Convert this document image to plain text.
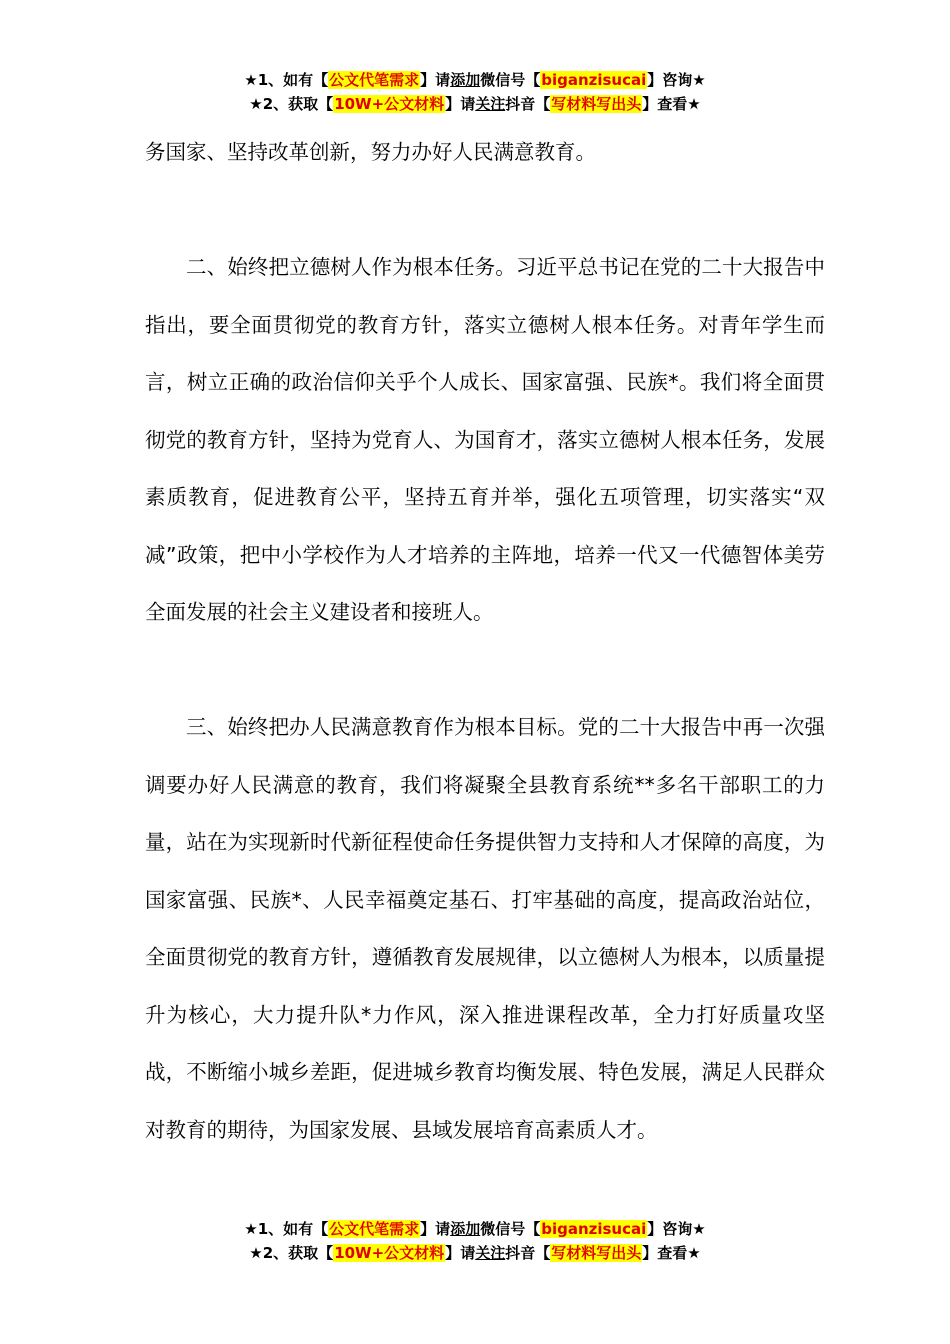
★1、如有【公文代笔需求】请添加微信号【biganzisucai】咨询★
★2、获取【10W+公文材料】请关注抖音【写材料写出头】查看★

务国家、坚持改革创新，努力办好人民满意教育。

二、始终把立德树人作为根本任务。习近平总书记在党的二十大报告中指出，要全面贯彻党的教育方针，落实立德树人根本任务。对青年学生而言，树立正确的政治信仰关乎个人成长、国家富强、民族*。我们将全面贯彻党的教育方针，坚持为党育人、为国育才，落实立德树人根本任务，发展素质教育，促进教育公平，坚持五育并举，强化五项管理，切实落实“双减”政策，把中小学校作为人才培养的主阵地，培养一代又一代德智体美劳全面发展的社会主义建设者和接班人。

三、始终把办人民满意教育作为根本目标。党的二十大报告中再一次强调要办好人民满意的教育，我们将凝聚全县教育系统**多名干部职工的力量，站在为实现新时代新征程使命任务提供智力支持和人才保障的高度，为国家富强、民族*、人民幸福奠定基石、打牢基础的高度，提高政治站位，全面贯彻党的教育方针，遵循教育发展规律，以立德树人为根本，以质量提升为核心，大力提升队*力作风，深入推进课程改革，全力打好质量攻坚战，不断缩小城乡差距，促进城乡教育均衡发展、特色发展，满足人民群众对教育的期待，为国家发展、县域发展培育高素质人才。

★1、如有【公文代笔需求】请添加微信号【biganzisucai】咨询★
★2、获取【10W+公文材料】请关注抖音【写材料写出头】查看★
